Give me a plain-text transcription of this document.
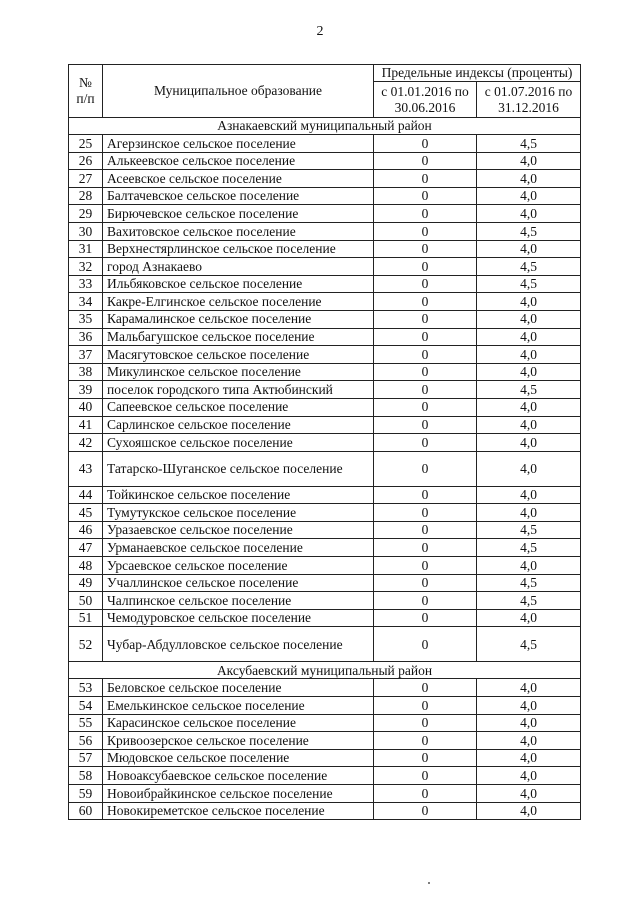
2
№ п/п	Муниципальное образование	Предельные индексы (проценты)	
		с 01.01.2016 по 30.06.2016	с 01.07.2016 по 31.12.2016
Азнакаевский муниципальный район			
25	Агерзинское сельское поселение	0	4,5
26	Алькеевское сельское поселение	0	4,0
27	Асеевское сельское поселение	0	4,0
28	Балтачевское сельское поселение	0	4,0
29	Бирючевское сельское поселение	0	4,0
30	Вахитовское сельское поселение	0	4,5
31	Верхнестярлинское сельское поселение	0	4,0
32	город Азнакаево	0	4,5
33	Ильбяковское сельское поселение	0	4,5
34	Какре-Елгинское сельское поселение	0	4,0
35	Карамалинское сельское поселение	0	4,0
36	Мальбагушское сельское поселение	0	4,0
37	Масягутовское сельское поселение	0	4,0
38	Микулинское сельское поселение	0	4,0
39	поселок городского типа Актюбинский	0	4,5
40	Сапеевское сельское поселение	0	4,0
41	Сарлинское сельское поселение	0	4,0
42	Сухояшское сельское поселение	0	4,0
43	Татарско-Шуганское сельское поселение	0	4,0
44	Тойкинское сельское поселение	0	4,0
45	Тумутукское сельское поселение	0	4,0
46	Уразаевское сельское поселение	0	4,5
47	Урманаевское сельское поселение	0	4,5
48	Урсаевское сельское поселение	0	4,0
49	Учаллинское сельское поселение	0	4,5
50	Чалпинское сельское поселение	0	4,5
51	Чемодуровское сельское поселение	0	4,0
52	Чубар-Абдулловское сельское поселение	0	4,5
Аксубаевский муниципальный район			
53	Беловское сельское поселение	0	4,0
54	Емелькинское сельское поселение	0	4,0
55	Карасинское сельское поселение	0	4,0
56	Кривоозерское сельское поселение	0	4,0
57	Мюдовское сельское поселение	0	4,0
58	Новоаксубаевское сельское поселение	0	4,0
59	Новоибрайкинское сельское поселение	0	4,0
60	Новокиреметское сельское поселение	0	4,0
